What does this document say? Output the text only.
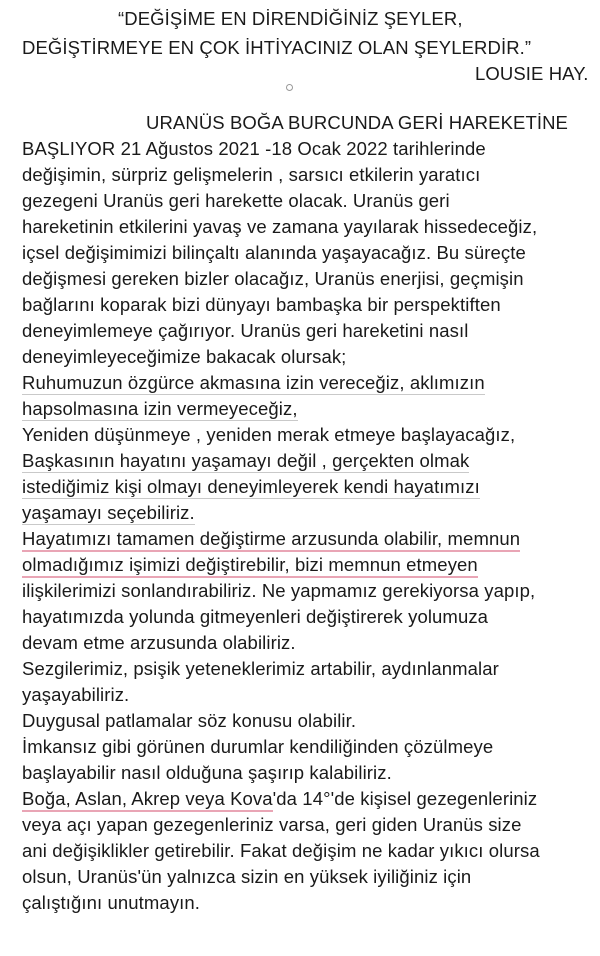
“DEĞİŞİME EN DİRENDİĞİNİZ ŞEYLER,
DEĞİŞTİRMEYE EN ÇOK İHTİYACINIZ OLAN ŞEYLERDİR.”
LOUSIE HAY.
URANÜS BOĞA BURCUNDA GERİ HAREKETİNE
BAŞLIYOR 21 Ağustos 2021 -18 Ocak 2022 tarihlerinde
değişimin, sürpriz gelişmelerin , sarsıcı etkilerin yaratıcı
gezegeni Uranüs geri harekette olacak. Uranüs geri
hareketinin etkilerini yavaş ve zamana yayılarak hissedeceğiz,
içsel değişimimizi bilinçaltı alanında yaşayacağız. Bu süreçte
değişmesi gereken bizler olacağız, Uranüs enerjisi, geçmişin
bağlarını koparak bizi dünyayı bambaşka bir perspektiften
deneyimlemeye çağırıyor. Uranüs geri hareketini nasıl
deneyimleyeceğimize bakacak olursak;
Ruhumuzun özgürce akmasına izin vereceğiz, aklımızın
hapsolmasına izin vermeyeceğiz,
Yeniden düşünmeye , yeniden merak etmeye başlayacağız,
Başkasının hayatını yaşamayı değil , gerçekten olmak
istediğimiz kişi olmayı deneyimleyerek kendi hayatımızı
yaşamayı seçebiliriz.
Hayatımızı tamamen değiştirme arzusunda olabilir, memnun
olmadığımız işimizi değiştirebilir, bizi memnun etmeyen
ilişkilerimizi sonlandırabiliriz. Ne yapmamız gerekiyorsa yapıp,
hayatımızda yolunda gitmeyenleri değiştirerek yolumuza
devam etme arzusunda olabiliriz.
Sezgilerimiz, psişik yeteneklerimiz artabilir, aydınlanmalar
yaşayabiliriz.
Duygusal patlamalar söz konusu olabilir.
İmkansız gibi görünen durumlar kendiliğinden çözülmeye
başlayabilir nasıl olduğuna şaşırıp kalabiliriz.
Boğa, Aslan, Akrep veya Kova'da 14°'de kişisel gezegenleriniz
veya açı yapan gezegenleriniz varsa, geri giden Uranüs size
ani değişiklikler getirebilir. Fakat değişim ne kadar yıkıcı olursa
olsun, Uranüs'ün yalnızca sizin en yüksek iyiliğiniz için
çalıştığını unutmayın.
